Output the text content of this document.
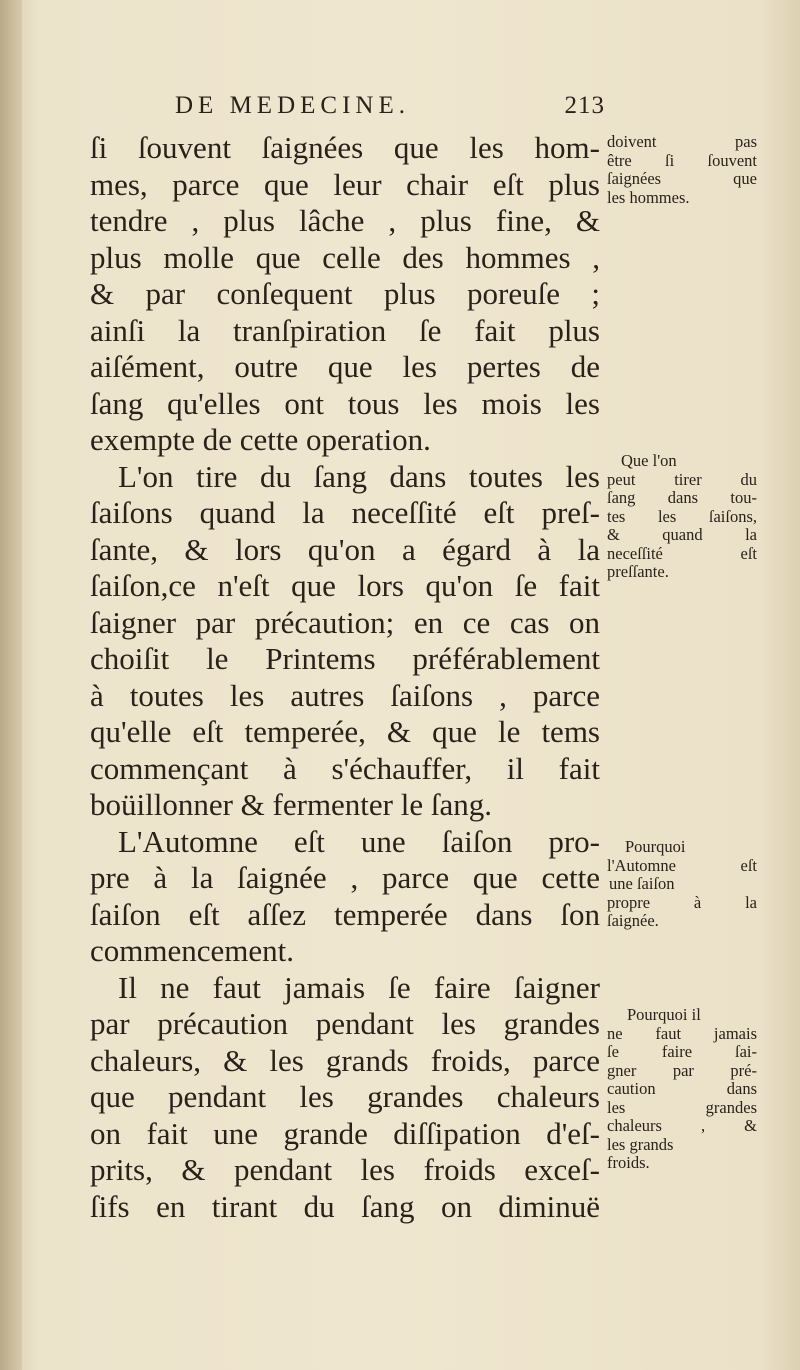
DE MEDECINE.	213
ſi ſouvent ſaignées que les hom-
mes, parce que leur chair eſt plus
tendre , plus lâche , plus fine, &
plus molle que celle des hommes ,
& par conſequent plus poreuſe ;
ainſi la tranſpiration ſe fait plus
aiſément, outre que les pertes de
ſang qu'elles ont tous les mois les
exempte de cette operation.
L'on tire du ſang dans toutes les
ſaiſons quand la neceſſité eſt preſ-
ſante, & lors qu'on a égard à la
ſaiſon,ce n'eſt que lors qu'on ſe fait
ſaigner par précaution; en ce cas on
choiſit le Printems préférablement
à toutes les autres ſaiſons , parce
qu'elle eſt temperée, & que le tems
commençant à s'échauffer, il fait
boüillonner & fermenter le ſang.
L'Automne eſt une ſaiſon pro-
pre à la ſaignée , parce que cette
ſaiſon eſt aſſez temperée dans ſon
commencement.
Il ne faut jamais ſe faire ſaigner
par précaution pendant les grandes
chaleurs, & les grands froids, parce
que pendant les grandes chaleurs
on fait une grande diſſipation d'eſ-
prits, & pendant les froids exceſ-
ſifs en tirant du ſang on diminuë
doivent pas
être ſi ſouvent
ſaignées que
les hommes.
Que l'on
peut tirer du
ſang dans tou-
tes les ſaiſons,
& quand la
neceſſité eſt
preſſante.
Pourquoi
l'Automne eſt
une ſaiſon
propre à la
ſaignée.
Pourquoi il
ne faut jamais
ſe faire ſai-
gner par pré-
caution dans
les grandes
chaleurs , &
les grands
froids.
